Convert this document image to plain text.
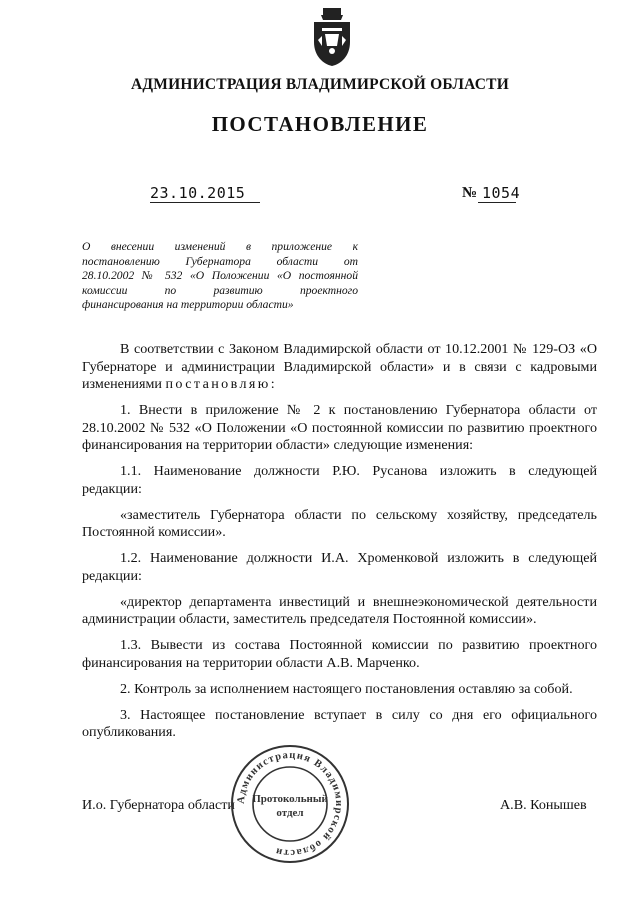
АДМИНИСТРАЦИЯ ВЛАДИМИРСКОЙ ОБЛАСТИ
ПОСТАНОВЛЕНИЕ
23.10.2015	№ 1054
О внесении изменений в приложение к
постановлению Губернатора области от
28.10.2002 № 532 «О Положении «О постоянной
комиссии по развитию проектного
финансирования на территории области»

В соответствии с Законом Владимирской области от 10.12.2001 № 129-ОЗ «О Губернаторе и администрации Владимирской области» и в связи с кадровыми изменениями постановляю:

1. Внести в приложение № 2 к постановлению Губернатора области от 28.10.2002 № 532 «О Положении «О постоянной комиссии по развитию проектного финансирования на территории области» следующие изменения:

1.1. Наименование должности Р.Ю. Русанова изложить в следующей редакции:

«заместитель Губернатора области по сельскому хозяйству, председатель Постоянной комиссии».

1.2. Наименование должности И.А. Хроменковой изложить в следующей редакции:

«директор департамента инвестиций и внешнеэкономической деятельности администрации области, заместитель председателя Постоянной комиссии».

1.3. Вывести из состава Постоянной комиссии по развитию проектного финансирования на территории области А.В. Марченко.

2. Контроль за исполнением настоящего постановления оставляю за собой.

3. Настоящее постановление вступает в силу со дня его официального опубликования.

И.о. Губернатора области	А.В. Конышев
Администрация Владимирской области
Протокольный
отдел
